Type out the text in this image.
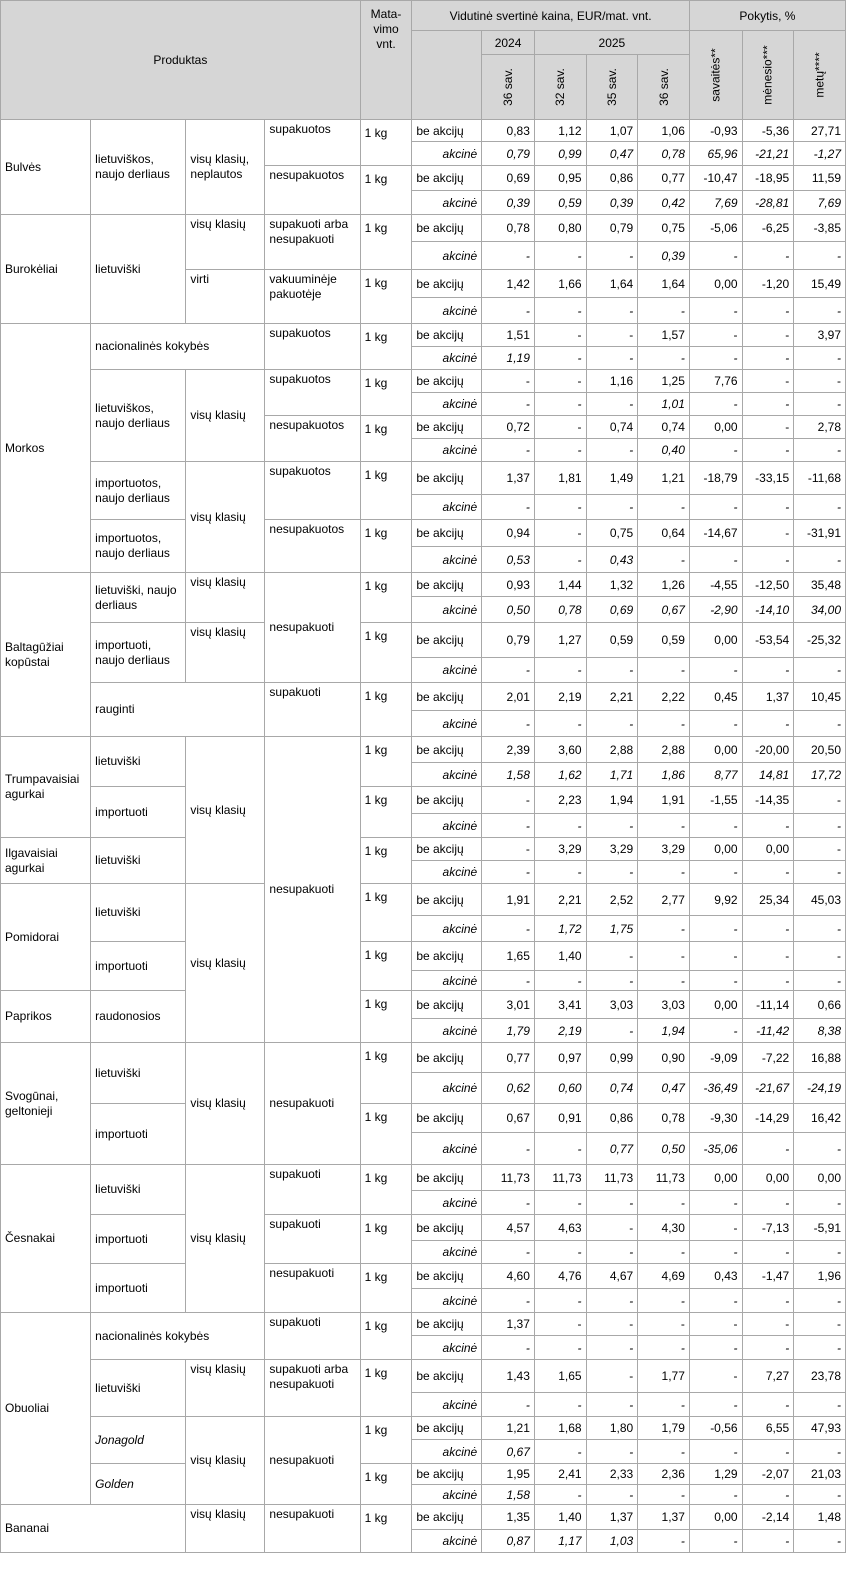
Produktas				Mata-
vimo
vnt.	Vidutinė svertinė kaina, EUR/mat. vnt.					Pokytis, %		
						2024	2025			savaitės**	mėnesio***	metų****

						36 sav.	32 sav.	35 sav.	36 sav.			

Bulvės	lietuviškos, naujo derliaus	visų klasių, neplautos	supakuotos	1 kg	be akcijų	0,83	1,12	1,07	1,06	-0,93	-5,36	27,71
					akcinė	0,79	0,99	0,47	0,78	65,96	-21,21	-1,27
			nesupakuotos	1 kg	be akcijų	0,69	0,95	0,86	0,77	-10,47	-18,95	11,59
					akcinė	0,39	0,59	0,39	0,42	7,69	-28,81	7,69
Burokėliai	lietuviški	visų klasių	supakuoti arba nesupakuoti	1 kg	be akcijų	0,78	0,80	0,79	0,75	-5,06	-6,25	-3,85
					akcinė	-	-	-	0,39	-	-	-
		virti	vakuuminėje pakuotėje	1 kg	be akcijų	1,42	1,66	1,64	1,64	0,00	-1,20	15,49
					akcinė	-	-	-	-	-	-	-
Morkos	nacionalinės kokybės		supakuotos	1 kg	be akcijų	1,51	-	-	1,57	-	-	3,97
					akcinė	1,19	-	-	-	-	-	-
	lietuviškos, naujo derliaus	visų klasių	supakuotos	1 kg	be akcijų	-	-	1,16	1,25	7,76	-	-
					akcinė	-	-	-	1,01	-	-	-
			nesupakuotos	1 kg	be akcijų	0,72	-	0,74	0,74	0,00	-	2,78
					akcinė	-	-	-	0,40	-	-	-
	importuotos, naujo derliaus	visų klasių	supakuotos	1 kg	be akcijų	1,37	1,81	1,49	1,21	-18,79	-33,15	-11,68
					akcinė	-	-	-	-	-	-	-
	importuotos, naujo derliaus		nesupakuotos	1 kg	be akcijų	0,94	-	0,75	0,64	-14,67	-	-31,91
					akcinė	0,53	-	0,43	-	-	-	-
Baltagūžiai kopūstai	lietuviški, naujo derliaus	visų klasių	nesupakuoti	1 kg	be akcijų	0,93	1,44	1,32	1,26	-4,55	-12,50	35,48
					akcinė	0,50	0,78	0,69	0,67	-2,90	-14,10	34,00
	importuoti, naujo derliaus	visų klasių		1 kg	be akcijų	0,79	1,27	0,59	0,59	0,00	-53,54	-25,32
					akcinė	-	-	-	-	-	-	-
	rauginti		supakuoti	1 kg	be akcijų	2,01	2,19	2,21	2,22	0,45	1,37	10,45
					akcinė	-	-	-	-	-	-	-
Trumpavaisiai agurkai	lietuviški	visų klasių	nesupakuoti	1 kg	be akcijų	2,39	3,60	2,88	2,88	0,00	-20,00	20,50
					akcinė	1,58	1,62	1,71	1,86	8,77	14,81	17,72
	importuoti			1 kg	be akcijų	-	2,23	1,94	1,91	-1,55	-14,35	-
					akcinė	-	-	-	-	-	-	-
Ilgavaisiai agurkai	lietuviški			1 kg	be akcijų	-	3,29	3,29	3,29	0,00	0,00	-
					akcinė	-	-	-	-	-	-	-
Pomidorai	lietuviški	visų klasių		1 kg	be akcijų	1,91	2,21	2,52	2,77	9,92	25,34	45,03
					akcinė	-	1,72	1,75	-	-	-	-
	importuoti			1 kg	be akcijų	1,65	1,40	-	-	-	-	-
					akcinė	-	-	-	-	-	-	-
Paprikos	raudonosios			1 kg	be akcijų	3,01	3,41	3,03	3,03	0,00	-11,14	0,66
					akcinė	1,79	2,19	-	1,94	-	-11,42	8,38
Svogūnai, geltonieji	lietuviški	visų klasių	nesupakuoti	1 kg	be akcijų	0,77	0,97	0,99	0,90	-9,09	-7,22	16,88
					akcinė	0,62	0,60	0,74	0,47	-36,49	-21,67	-24,19
	importuoti			1 kg	be akcijų	0,67	0,91	0,86	0,78	-9,30	-14,29	16,42
					akcinė	-	-	0,77	0,50	-35,06	-	-
Česnakai	lietuviški	visų klasių	supakuoti	1 kg	be akcijų	11,73	11,73	11,73	11,73	0,00	0,00	0,00
					akcinė	-	-	-	-	-	-	-
	importuoti		supakuoti	1 kg	be akcijų	4,57	4,63	-	4,30	-	-7,13	-5,91
					akcinė	-	-	-	-	-	-	-
	importuoti		nesupakuoti	1 kg	be akcijų	4,60	4,76	4,67	4,69	0,43	-1,47	1,96
					akcinė	-	-	-	-	-	-	-
Obuoliai	nacionalinės kokybės		supakuoti	1 kg	be akcijų	1,37	-	-	-	-	-	-
					akcinė	-	-	-	-	-	-	-
	lietuviški	visų klasių	supakuoti arba nesupakuoti	1 kg	be akcijų	1,43	1,65	-	1,77	-	7,27	23,78
					akcinė	-	-	-	-	-	-	-
	Jonagold	visų klasių	nesupakuoti	1 kg	be akcijų	1,21	1,68	1,80	1,79	-0,56	6,55	47,93
					akcinė	0,67	-	-	-	-	-	-
	Golden			1 kg	be akcijų	1,95	2,41	2,33	2,36	1,29	-2,07	21,03
					akcinė	1,58	-	-	-	-	-	-
Bananai		visų klasių	nesupakuoti	1 kg	be akcijų	1,35	1,40	1,37	1,37	0,00	-2,14	1,48
					akcinė	0,87	1,17	1,03	-	-	-	-
